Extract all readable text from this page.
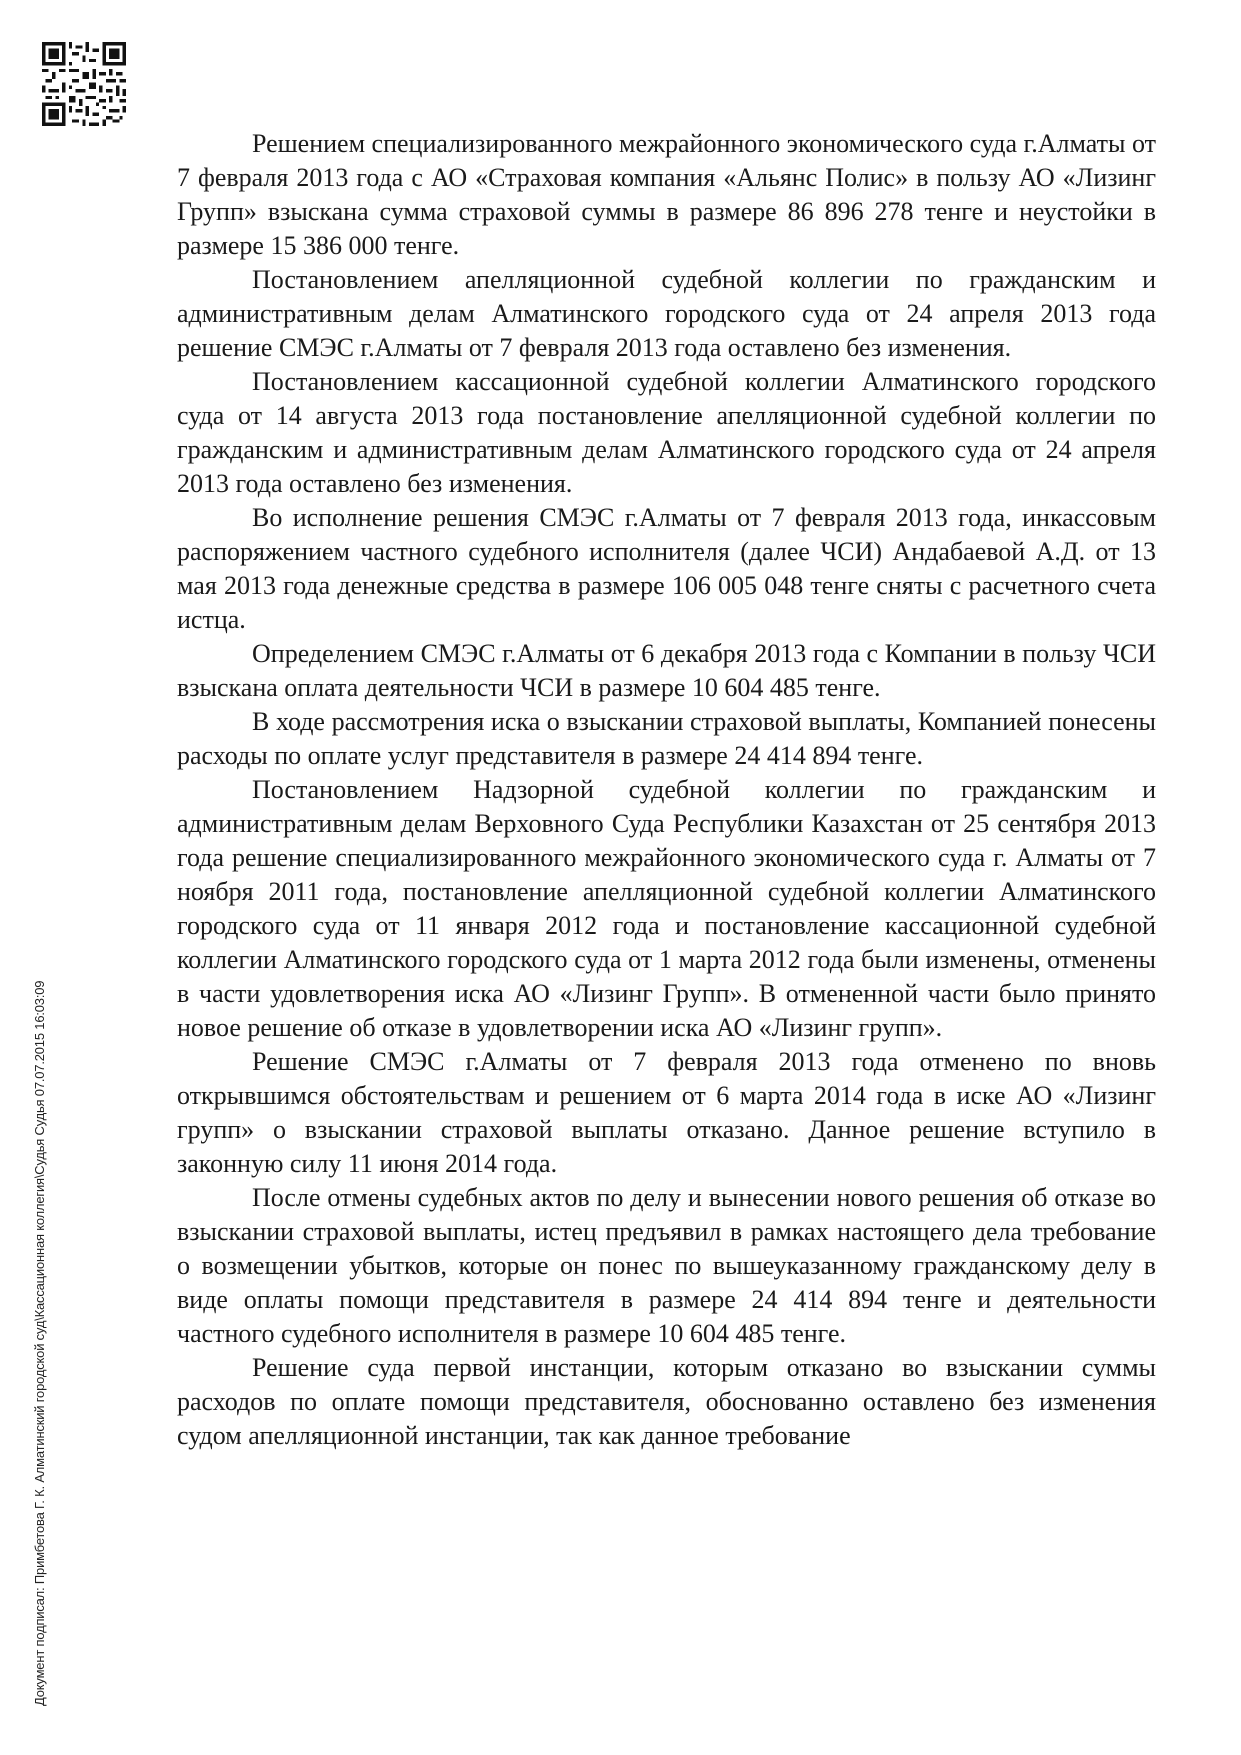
Документ подписал: Примбетова Г. К. Алматинский городской суд\Кассационная коллегия\Судья Судья 07.07.2015 16:03:09

Решением специализированного межрайонного экономического суда г.Алматы от 7 февраля 2013 года с АО «Страховая компания «Альянс Полис» в пользу АО «Лизинг Групп» взыскана сумма страховой суммы в размере 86 896 278 тенге и неустойки в размере 15 386 000 тенге.

Постановлением апелляционной судебной коллегии по гражданским и административным делам Алматинского городского суда от 24 апреля 2013 года решение СМЭС г.Алматы от 7 февраля 2013 года оставлено без изменения.

Постановлением кассационной судебной коллегии Алматинского городского суда от 14 августа 2013 года постановление апелляционной судебной коллегии по гражданским и административным делам Алматинского городского суда от 24 апреля 2013 года оставлено без изменения.

Во исполнение решения СМЭС г.Алматы от 7 февраля 2013 года, инкассовым распоряжением частного судебного исполнителя (далее ЧСИ) Андабаевой А.Д. от 13 мая 2013 года денежные средства в размере 106 005 048 тенге сняты с расчетного счета истца.

Определением СМЭС г.Алматы от 6 декабря 2013 года с Компании в пользу ЧСИ взыскана оплата деятельности ЧСИ в размере 10 604 485 тенге.

В ходе рассмотрения иска о взыскании страховой выплаты, Компанией понесены расходы по оплате услуг представителя в размере 24 414 894 тенге.

Постановлением Надзорной судебной коллегии по гражданским и административным делам Верховного Суда Республики Казахстан от 25 сентября 2013 года решение специализированного межрайонного экономического суда г. Алматы от 7 ноября 2011 года, постановление апелляционной судебной коллегии Алматинского городского суда от 11 января 2012 года и постановление кассационной судебной коллегии Алматинского городского суда от 1 марта 2012 года были изменены, отменены в части удовлетворения иска АО «Лизинг Групп». В отмененной части было принято новое решение об отказе в удовлетворении иска АО «Лизинг групп».

Решение СМЭС г.Алматы от 7 февраля 2013 года отменено по вновь открывшимся обстоятельствам и решением от 6 марта 2014 года в иске АО «Лизинг групп» о взыскании страховой выплаты отказано. Данное решение вступило в законную силу 11 июня 2014 года.

После отмены судебных актов по делу и вынесении нового решения об отказе во взыскании страховой выплаты, истец предъявил в рамках настоящего дела требование о возмещении убытков, которые он понес по вышеуказанному гражданскому делу в виде оплаты помощи представителя в размере 24 414 894 тенге и деятельности частного судебного исполнителя в размере 10 604 485 тенге.

Решение суда первой инстанции, которым отказано во взыскании суммы расходов по оплате помощи представителя, обоснованно оставлено без изменения судом апелляционной инстанции, так как данное требование
